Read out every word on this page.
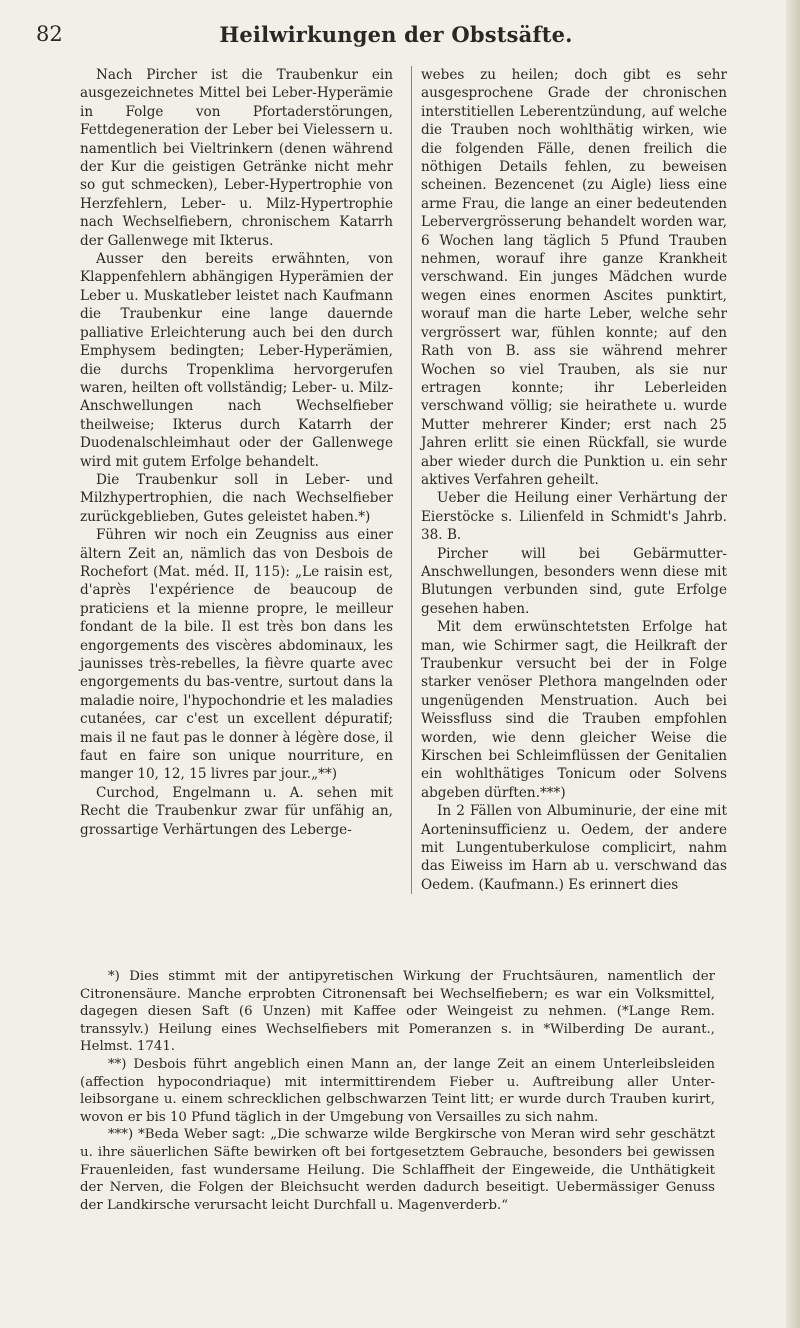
82	Heilwirkungen der Obstsäfte.

Nach Pircher ist die Traubenkur ein ausgezeichnetes Mittel bei Leber-Hyperämie in Folge von Pfortaderstörungen, Fettdegeneration der Leber bei Vielessern u. namentlich bei Vieltrinkern (denen während der Kur die geistigen Getränke nicht mehr so gut schmecken), Leber-Hypertrophie von Herzfehlern, Leber- u. Milz-Hypertrophie nach Wechselfiebern, chronischem Katarrh der Gallenwege mit Ikterus.

Ausser den bereits erwähnten, von Klappenfehlern abhängigen Hyperämien der Leber u. Muskatleber leistet nach Kaufmann die Traubenkur eine lange dauernde palliative Erleichterung auch bei den durch Emphysem bedingten; Leber-Hyperämien, die durchs Tropenklima hervorgerufen waren, heilten oft vollständig; Leber- u. Milz-Anschwellungen nach Wechselfieber theilweise; Ikterus durch Katarrh der Duodenalschleimhaut oder der Gallenwege wird mit gutem Erfolge behandelt.

Die Traubenkur soll in Leber- und Milzhypertrophien, die nach Wechselfieber zurückgeblieben, Gutes geleistet haben.*)

Führen wir noch ein Zeugniss aus einer ältern Zeit an, nämlich das von Desbois de Rochefort (Mat. méd. II, 115): „Le raisin est, d'après l'expérience de beaucoup de praticiens et la mienne propre, le meilleur fondant de la bile. Il est très bon dans les engorgements des viscères abdominaux, les jaunisses très-rebelles, la fièvre quarte avec engorgements du bas-ventre, surtout dans la maladie noire, l'hypochondrie et les maladies cutanées, car c'est un excellent dépuratif; mais il ne faut pas le donner à légère dose, il faut en faire son unique nourriture, en manger 10, 12, 15 livres par jour.„**)

Curchod, Engelmann u. A. sehen mit Recht die Traubenkur zwar für unfähig an, grossartige Verhärtungen des Leberge-

webes zu heilen; doch gibt es sehr ausgesprochene Grade der chronischen interstitiellen Leberentzündung, auf welche die Trauben noch wohlthätig wirken, wie die folgenden Fälle, denen freilich die nöthigen Details fehlen, zu beweisen scheinen. Bezencenet (zu Aigle) liess eine arme Frau, die lange an einer bedeutenden Lebervergrösserung behandelt worden war, 6 Wochen lang täglich 5 Pfund Trauben nehmen, worauf ihre ganze Krankheit verschwand. Ein junges Mädchen wurde wegen eines enormen Ascites punktirt, worauf man die harte Leber, welche sehr vergrössert war, fühlen konnte; auf den Rath von B. ass sie während mehrer Wochen so viel Trauben, als sie nur ertragen konnte; ihr Leberleiden verschwand völlig; sie heirathete u. wurde Mutter mehrerer Kinder; erst nach 25 Jahren erlitt sie einen Rückfall, sie wurde aber wieder durch die Punktion u. ein sehr aktives Verfahren geheilt.

Ueber die Heilung einer Verhärtung der Eierstöcke s. Lilienfeld in Schmidt's Jahrb. 38. B.

Pircher will bei Gebärmutter-Anschwellungen, besonders wenn diese mit Blutungen verbunden sind, gute Erfolge gesehen haben.

Mit dem erwünschtetsten Erfolge hat man, wie Schirmer sagt, die Heilkraft der Traubenkur versucht bei der in Folge starker venöser Plethora mangelnden oder ungenügenden Menstruation. Auch bei Weissfluss sind die Trauben empfohlen worden, wie denn gleicher Weise die Kirschen bei Schleimflüssen der Genitalien ein wohlthätiges Tonicum oder Solvens abgeben dürften.***)

In 2 Fällen von Albuminurie, der eine mit Aorteninsufficienz u. Oedem, der andere mit Lungentuberkulose complicirt, nahm das Eiweiss im Harn ab u. verschwand das Oedem. (Kaufmann.) Es erinnert dies

*) Dies stimmt mit der antipyretischen Wirkung der Fruchtsäuren, namentlich der Citronensäure. Manche erprobten Citronensaft bei Wechselfiebern; es war ein Volksmittel, dagegen diesen Saft (6 Unzen) mit Kaffee oder Weingeist zu nehmen. (*Lange Rem. transsylv.) Heilung eines Wechselfiebers mit Pomeranzen s. in *Wilberding De aurant., Helmst. 1741.

**) Desbois führt angeblich einen Mann an, der lange Zeit an einem Unterleibsleiden (affection hypocondriaque) mit intermittirendem Fieber u. Auftreibung aller Unterleibsorgane u. einem schrecklichen gelbschwarzen Teint litt; er wurde durch Trauben kurirt, wovon er bis 10 Pfund täglich in der Umgebung von Versailles zu sich nahm.

***) *Beda Weber sagt: „Die schwarze wilde Bergkirsche von Meran wird sehr geschätzt u. ihre säuerlichen Säfte bewirken oft bei fortgesetztem Gebrauche, besonders bei gewissen Frauenleiden, fast wundersame Heilung. Die Schlaffheit der Eingeweide, die Unthätigkeit der Nerven, die Folgen der Bleichsucht werden dadurch beseitigt. Uebermässiger Genuss der Landkirsche verursacht leicht Durchfall u. Magenverderb.“
